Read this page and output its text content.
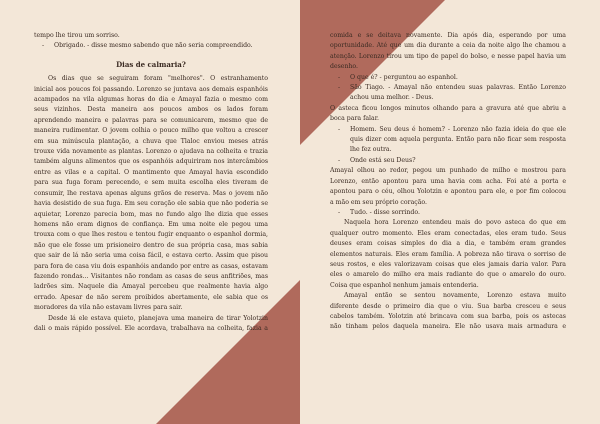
tempo lhe tirou um sorriso.

- Obrigado. - disse mesmo sabendo que não seria compreendido.

Dias de calmaria?

Os dias que se seguiram foram "melhores". O estranhamento

inicial aos poucos foi passando. Lorenzo se juntava aos demais espanhóis

acampados na vila algumas horas do dia e Amayal fazia o mesmo com

seus vizinhos. Desta maneira aos poucos ambos os lados foram

aprendendo maneira e palavras para se comunicarem, mesmo que de

maneira rudimentar. O jovem colhia o pouco milho que voltou a crescer

em sua minúscula plantação, a chuva que Tlaloc enviou meses atrás

trouxe vida novamente as plantas. Lorenzo o ajudava na colheita e trazia

também alguns alimentos que os espanhóis adquiriram nos intercâmbios

entre as vilas e a capital. O mantimento que Amayal havia escondido

para sua fuga foram perecendo, e sem muita escolha eles tiveram de

consumir, lhe restava apenas alguns grãos de reserva. Mas o jovem não

havia desistido de sua fuga. Em seu coração ele sabia que não poderia se

aquietar, Lorenzo parecia bom, mas no fundo algo lhe dizia que esses

homens não eram dignos de confiança. Em uma noite ele pegou uma

trouxa com o que lhes restou e tentou fugir enquanto o espanhol dormia,

não que ele fosse um prisioneiro dentro de sua própria casa, mas sabia

que sair de lá não seria uma coisa fácil, e estava certo. Assim que pisou

para fora de casa viu dois espanhóis andando por entre as casas, estavam

fazendo rondas... Visitantes não rondam as casas de seus anfitriões, mas

ladrões sim. Naquele dia Amayal percebeu que realmente havia algo

errado. Apesar de não serem proibidos abertamente, ele sabia que os

moradores da vila não estavam livres para sair.

Desde lá ele estava quieto, planejava uma maneira de tirar Yolotzin

dali o mais rápido possível. Ele acordava, trabalhava na colheita, fazia a

comida e se deitava novamente. Dia após dia, esperando por uma

oportunidade. Até que um dia durante a ceia da noite algo lhe chamou a

atenção. Lorenzo tirou um tipo de papel do bolso, e nesse papel havia um

desenho.

- O que é? - perguntou ao espanhol.

- São Tiago. - Amayal não entendeu suas palavras. Então Lorenzo

achou uma melhor. - Deus.

O asteca ficou longos minutos olhando para a gravura até que abriu a

boca para falar.

- Homem. Seu deus é homem? - Lorenzo não fazia ideia do que ele

quis dizer com aquela pergunta. Então para não ficar sem resposta

lhe fez outra.

- Onde está seu Deus?

Amayal olhou ao redor, pegou um punhado de milho e mostrou para

Lorenzo, então apontou para uma havia com acha. Foi até a porta e

apontou para o céu, olhou Yolotzin e apontou para ele, e por fim colocou

a mão em seu próprio coração.

- Tudo. - disse sorrindo.

Naquela hora Lorenzo entendeu mais do povo asteca do que em

qualquer outro momento. Eles eram conectadas, eles eram tudo. Seus

deuses eram coisas simples do dia a dia, e também eram grandes

elementos naturais. Eles eram família. A pobreza não tirava o sorriso de

seus rostos, e eles valorizavam coisas que eles jamais daria valor. Para

eles o amarelo do milho era mais radiante do que o amarelo do ouro.

Coisa que espanhol nenhum jamais entenderia.

Amayal então se sentou novamente, Lorenzo estava muito

diferente desde o primeiro dia que o viu. Sua barba cresceu e seus

cabelos também. Yolotzin até brincava com sua barba, pois os astecas

não tinham pelos daquela maneira. Ele não usava mais armadura e
